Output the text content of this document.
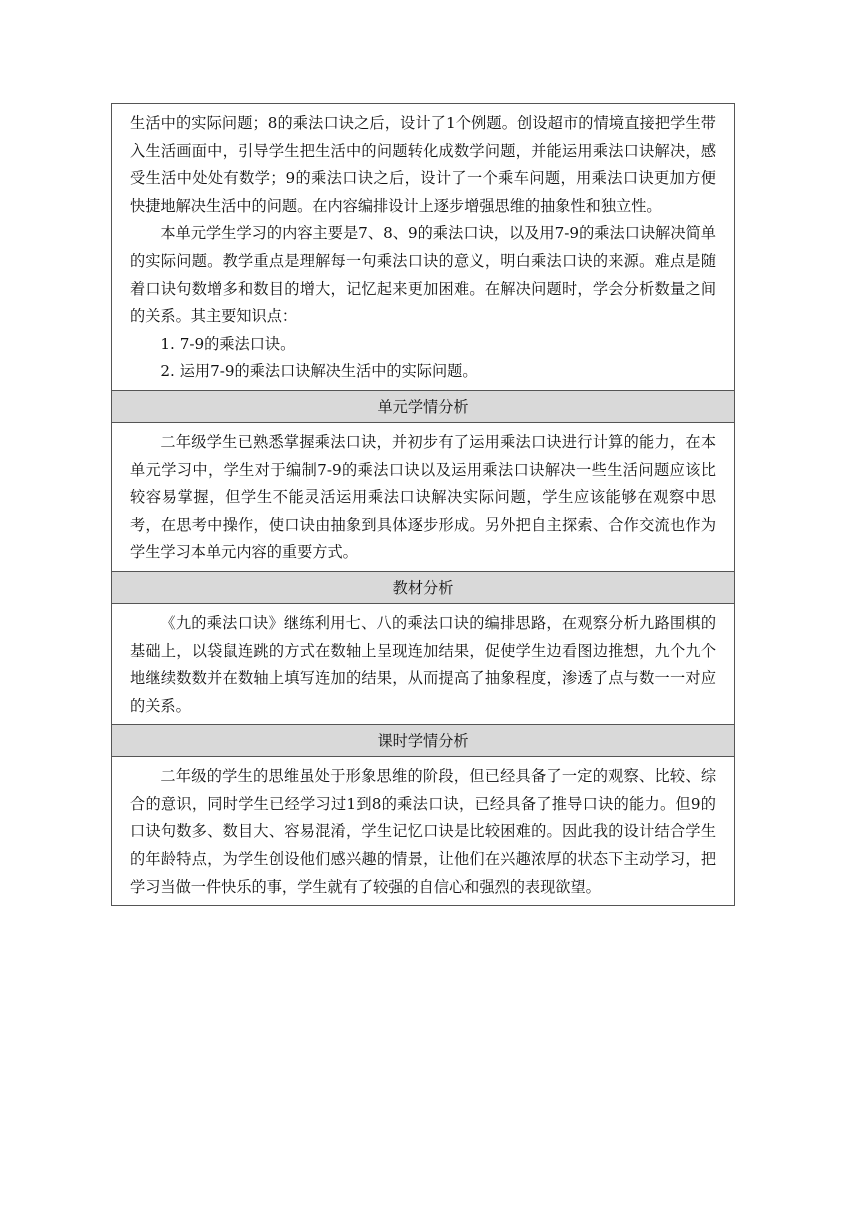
生活中的实际问题；8的乘法口诀之后，设计了1个例题。创设超市的情境直接把学生带入生活画面中，引导学生把生活中的问题转化成数学问题，并能运用乘法口诀解决，感受生活中处处有数学；9的乘法口诀之后，设计了一个乘车问题，用乘法口诀更加方便快捷地解决生活中的问题。在内容编排设计上逐步增强思维的抽象性和独立性。

本单元学生学习的内容主要是7、8、9的乘法口诀，以及用7-9的乘法口诀解决简单的实际问题。教学重点是理解每一句乘法口诀的意义，明白乘法口诀的来源。难点是随着口诀句数增多和数目的增大，记忆起来更加困难。在解决问题时，学会分析数量之间的关系。其主要知识点：

1. 7-9的乘法口诀。

2. 运用7-9的乘法口诀解决生活中的实际问题。

单元学情分析

二年级学生已熟悉掌握乘法口诀，并初步有了运用乘法口诀进行计算的能力，在本单元学习中，学生对于编制7-9的乘法口诀以及运用乘法口诀解决一些生活问题应该比较容易掌握，但学生不能灵活运用乘法口诀解决实际问题，学生应该能够在观察中思考，在思考中操作，使口诀由抽象到具体逐步形成。另外把自主探索、合作交流也作为学生学习本单元内容的重要方式。

教材分析

《九的乘法口诀》继练利用七、八的乘法口诀的编排思路，在观察分析九路围棋的基础上，以袋鼠连跳的方式在数轴上呈现连加结果，促使学生边看图边推想，九个九个地继续数数并在数轴上填写连加的结果，从而提高了抽象程度，渗透了点与数一一对应的关系。

课时学情分析

二年级的学生的思维虽处于形象思维的阶段，但已经具备了一定的观察、比较、综合的意识，同时学生已经学习过1到8的乘法口诀，已经具备了推导口诀的能力。但9的口诀句数多、数目大、容易混淆，学生记忆口诀是比较困难的。因此我的设计结合学生的年龄特点，为学生创设他们感兴趣的情景，让他们在兴趣浓厚的状态下主动学习，把学习当做一件快乐的事，学生就有了较强的自信心和强烈的表现欲望。
